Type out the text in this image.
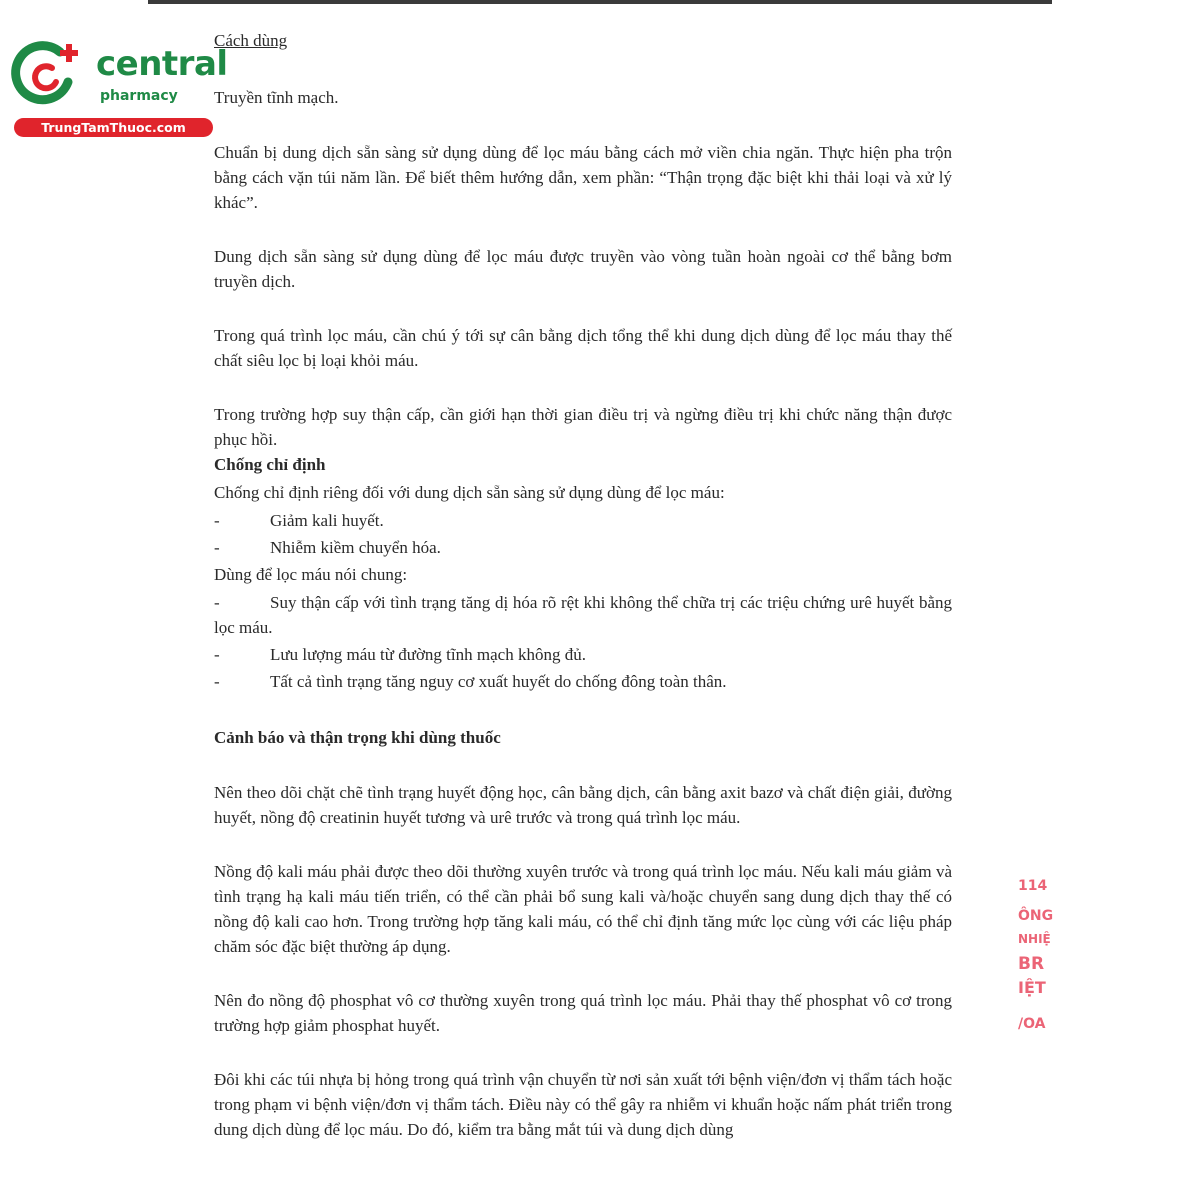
central
pharmacy
TrungTamThuoc.com

Cách dùng

Truyền tĩnh mạch.

Chuẩn bị dung dịch sẵn sàng sử dụng dùng để lọc máu bằng cách mở viền chia ngăn. Thực hiện pha trộn bằng cách vặn túi năm lần. Để biết thêm hướng dẫn, xem phần: “Thận trọng đặc biệt khi thải loại và xử lý khác”.

Dung dịch sẵn sàng sử dụng dùng để lọc máu được truyền vào vòng tuần hoàn ngoài cơ thể bằng bơm truyền dịch.

Trong quá trình lọc máu, cần chú ý tới sự cân bằng dịch tổng thể khi dung dịch dùng để lọc máu thay thế chất siêu lọc bị loại khỏi máu.

Trong trường hợp suy thận cấp, cần giới hạn thời gian điều trị và ngừng điều trị khi chức năng thận được phục hồi.

Chống chỉ định

Chống chỉ định riêng đối với dung dịch sẵn sàng sử dụng dùng để lọc máu:

-	Giảm kali huyết.
-	Nhiễm kiềm chuyển hóa.

Dùng để lọc máu nói chung:

-	Suy thận cấp với tình trạng tăng dị hóa rõ rệt khi không thể chữa trị các triệu chứng urê huyết bằng lọc máu.

-	Lưu lượng máu từ đường tĩnh mạch không đủ.
-	Tất cả tình trạng tăng nguy cơ xuất huyết do chống đông toàn thân.

Cảnh báo và thận trọng khi dùng thuốc

Nên theo dõi chặt chẽ tình trạng huyết động học, cân bằng dịch, cân bằng axit bazơ và chất điện giải, đường huyết, nồng độ creatinin huyết tương và urê trước và trong quá trình lọc máu.

Nồng độ kali máu phải được theo dõi thường xuyên trước và trong quá trình lọc máu. Nếu kali máu giảm và tình trạng hạ kali máu tiến triển, có thể cần phải bổ sung kali và/hoặc chuyển sang dung dịch thay thế có nồng độ kali cao hơn. Trong trường hợp tăng kali máu, có thể chỉ định tăng mức lọc cùng với các liệu pháp chăm sóc đặc biệt thường áp dụng.

Nên đo nồng độ phosphat vô cơ thường xuyên trong quá trình lọc máu. Phải thay thế phosphat vô cơ trong trường hợp giảm phosphat huyết.

Đôi khi các túi nhựa bị hỏng trong quá trình vận chuyển từ nơi sản xuất tới bệnh viện/đơn vị thẩm tách hoặc trong phạm vi bệnh viện/đơn vị thẩm tách. Điều này có thể gây ra nhiễm vi khuẩn hoặc nấm phát triển trong dung dịch dùng để lọc máu. Do đó, kiểm tra bằng mắt túi và dung dịch dùng

114
ÔNG
NHIỆ
BR
IỆT
/OA
